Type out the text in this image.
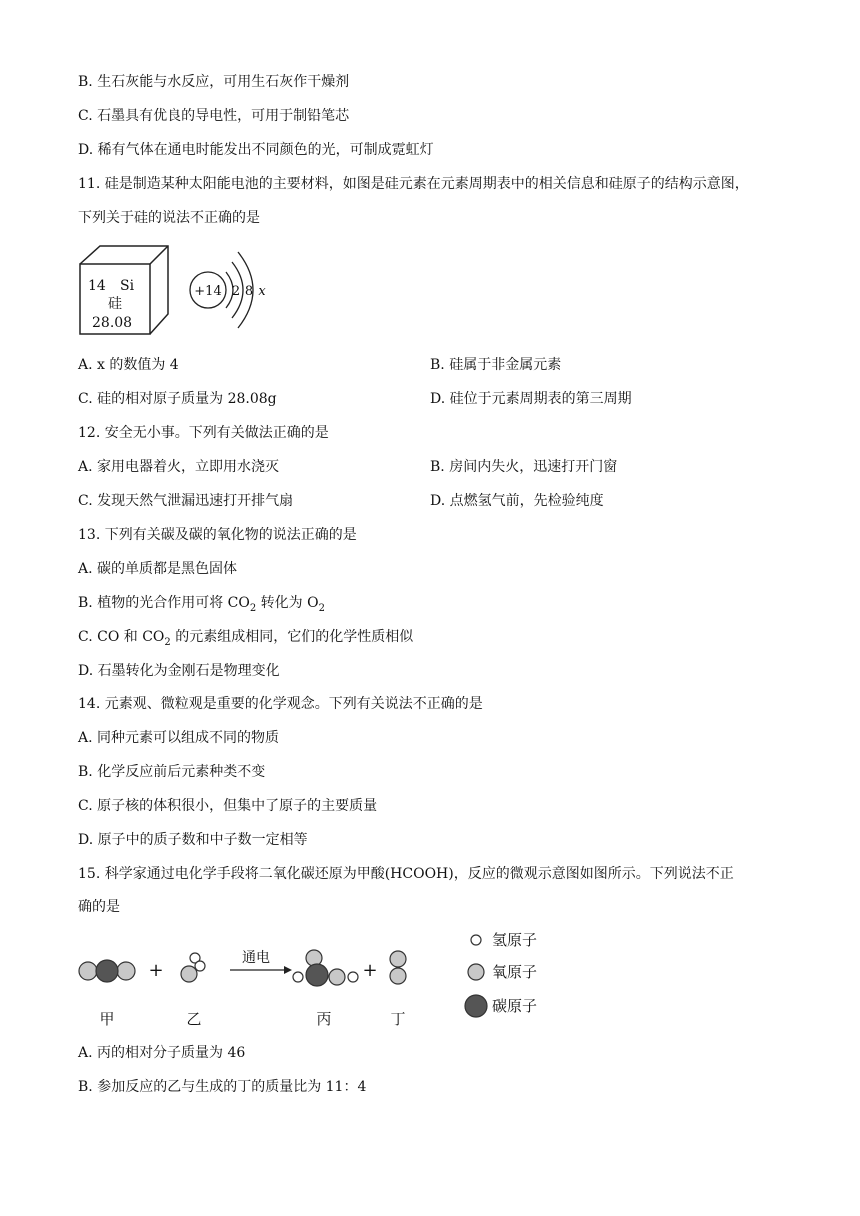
B. 生石灰能与水反应，可用生石灰作干燥剂
C. 石墨具有优良的导电性，可用于制铅笔芯
D. 稀有气体在通电时能发出不同颜色的光，可制成霓虹灯
11. 硅是制造某种太阳能电池的主要材料，如图是硅元素在元素周期表中的相关信息和硅原子的结构示意图，
下列关于硅的说法不正确的是
14 Si
硅
28.08
+14 2 8 x
A. x 的数值为 4	B. 硅属于非金属元素
C. 硅的相对原子质量为 28.08g	D. 硅位于元素周期表的第三周期
12. 安全无小事。下列有关做法正确的是
A. 家用电器着火，立即用水浇灭	B. 房间内失火，迅速打开门窗
C. 发现天然气泄漏迅速打开排气扇	D. 点燃氢气前，先检验纯度
13. 下列有关碳及碳的氧化物的说法正确的是
A. 碳的单质都是黑色固体
B. 植物的光合作用可将 $CO_2$ 转化为 $O_2$
C. CO 和 $CO_2$ 的元素组成相同，它们的化学性质相似
D. 石墨转化为金刚石是物理变化
14. 元素观、微粒观是重要的化学观念。下列有关说法不正确的是
A. 同种元素可以组成不同的物质
B. 化学反应前后元素种类不变
C. 原子核的体积很小，但集中了原子的主要质量
D. 原子中的质子数和中子数一定相等
15. 科学家通过电化学手段将二氧化碳还原为甲酸(HCOOH)，反应的微观示意图如图所示。下列说法不正
确的是
+	+
通电
甲	乙	丙	丁
氢原子
氧原子
碳原子
A. 丙的相对分子质量为 46
B. 参加反应的乙与生成的丁的质量比为 11：4
